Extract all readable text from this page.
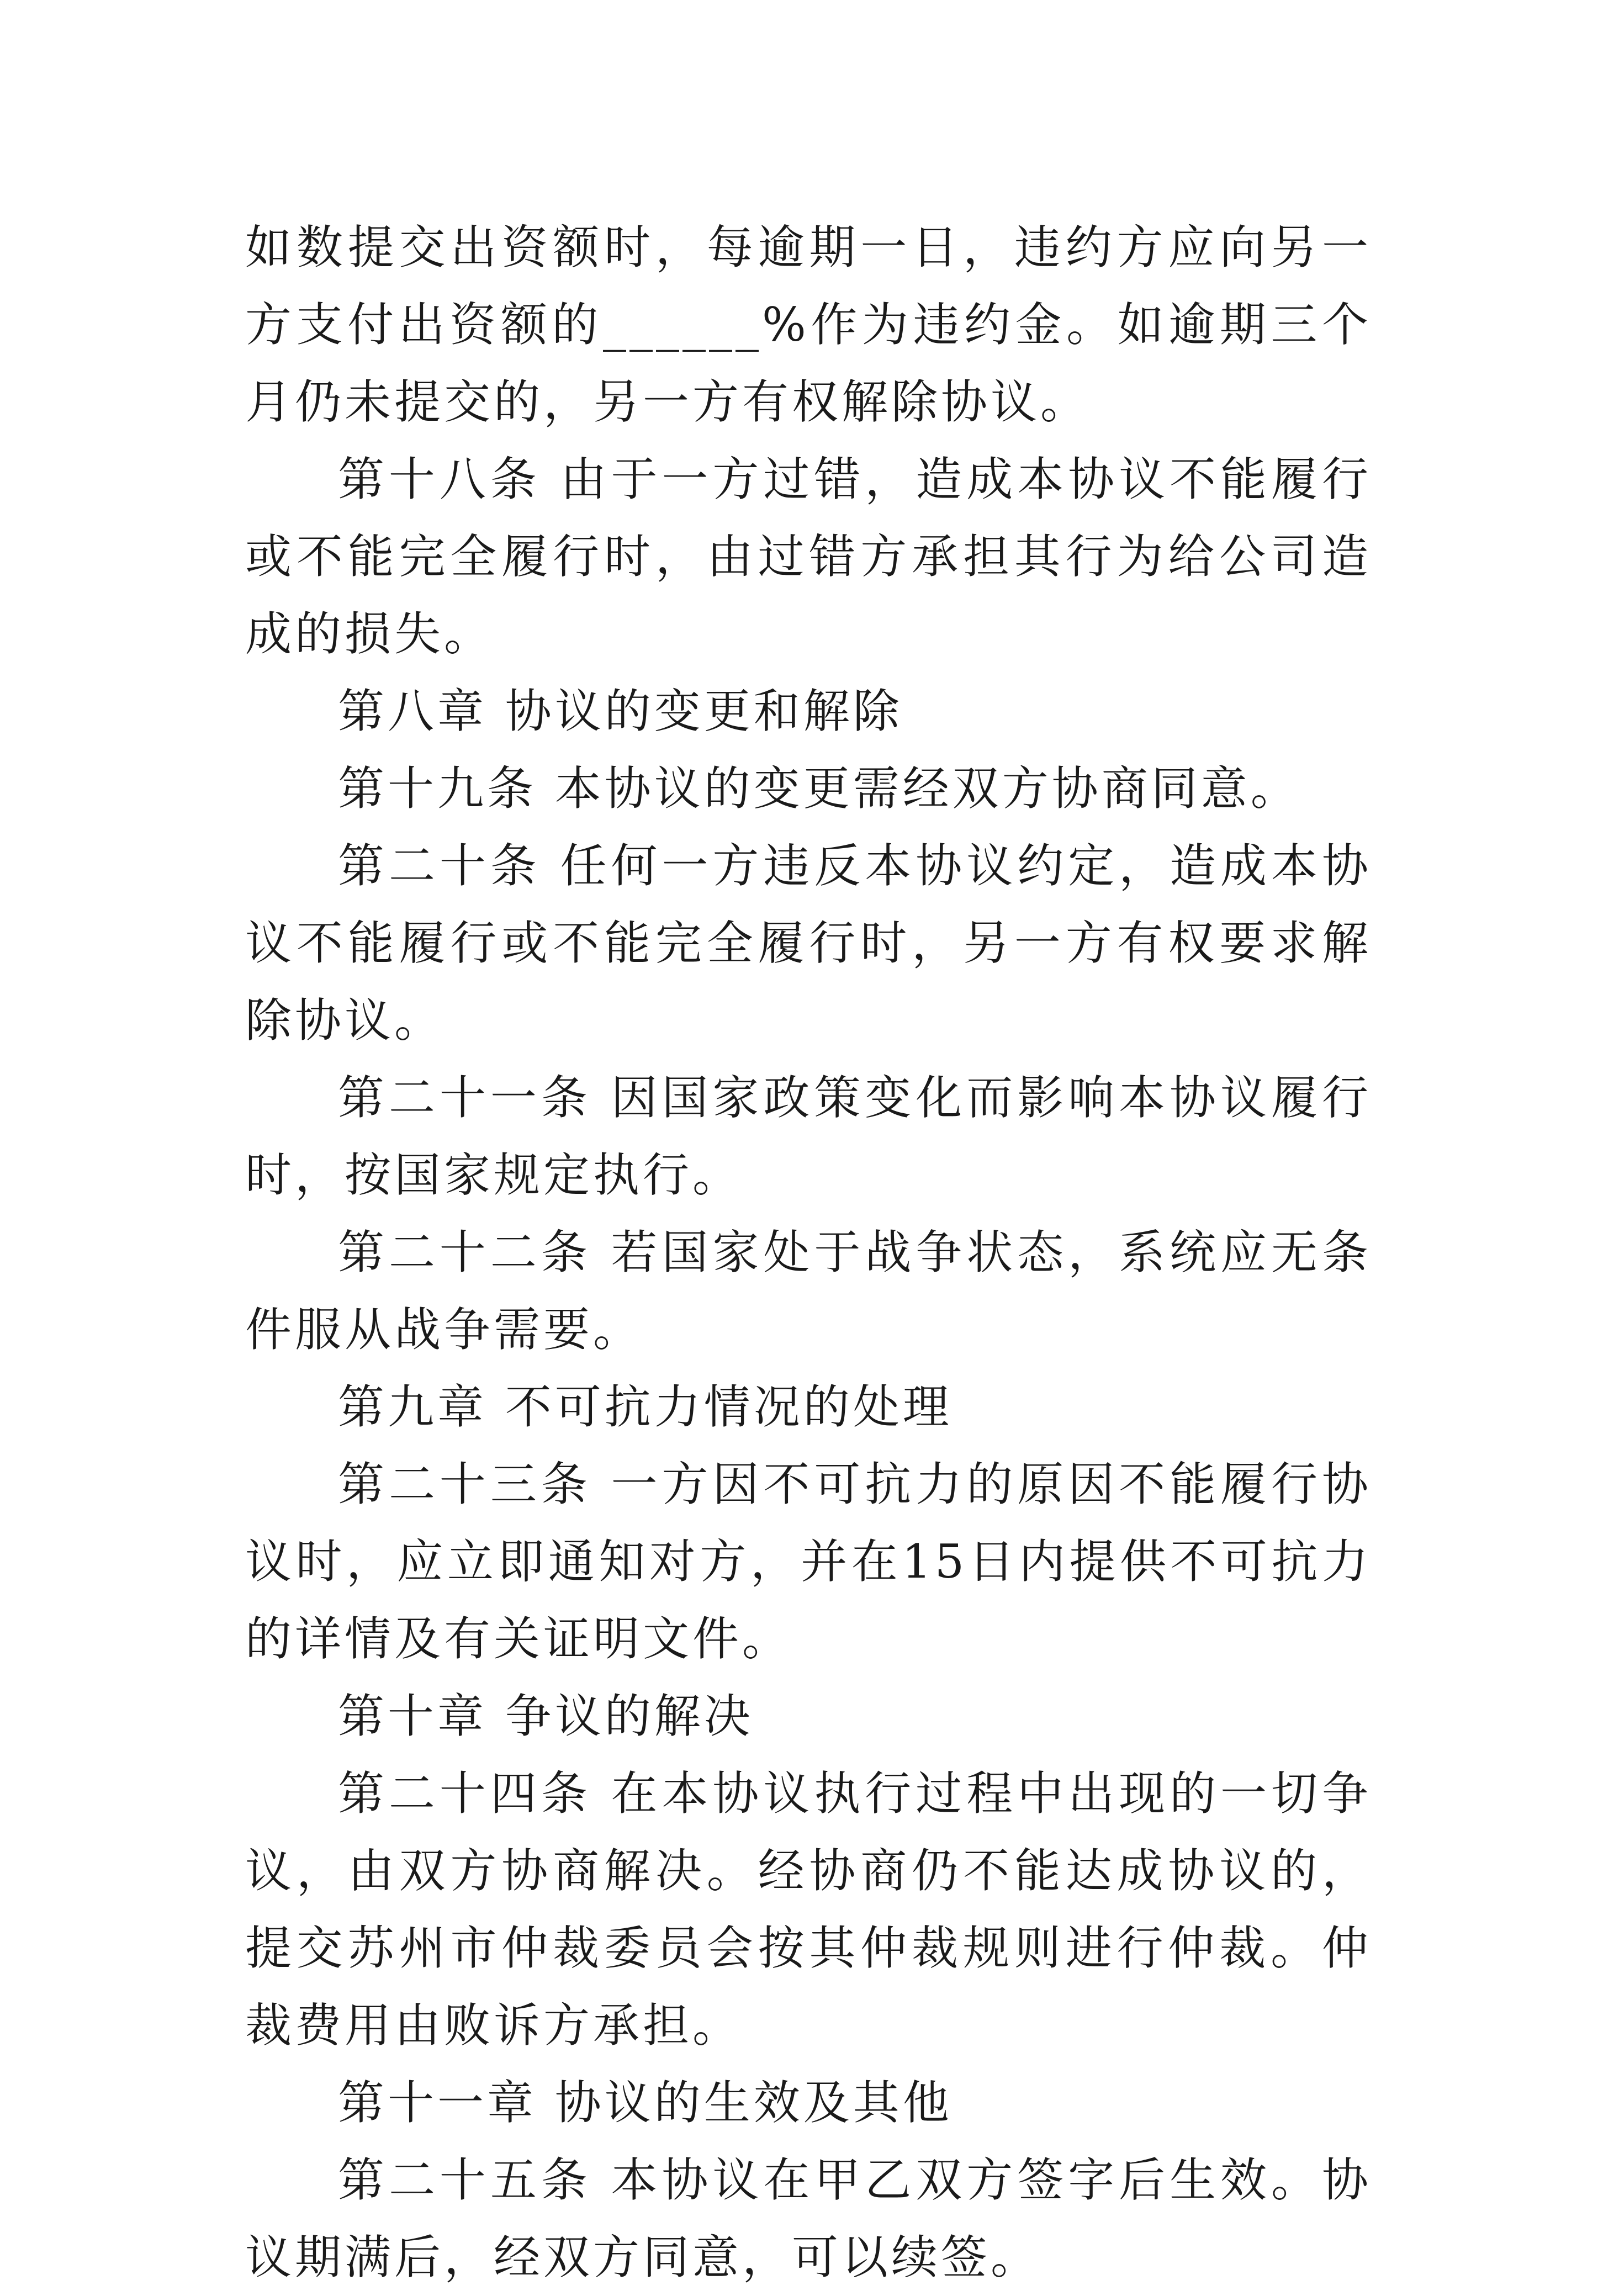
如数提交出资额时，每逾期一日，违约方应向另一方支付出资额的______%作为违约金。如逾期三个月仍未提交的，另一方有权解除协议。

第十八条 由于一方过错，造成本协议不能履行或不能完全履行时，由过错方承担其行为给公司造成的损失。

第八章 协议的变更和解除

第十九条 本协议的变更需经双方协商同意。

第二十条 任何一方违反本协议约定，造成本协议不能履行或不能完全履行时，另一方有权要求解除协议。

第二十一条 因国家政策变化而影响本协议履行时，按国家规定执行。

第二十二条 若国家处于战争状态，系统应无条件服从战争需要。

第九章 不可抗力情况的处理

第二十三条 一方因不可抗力的原因不能履行协议时，应立即通知对方，并在15日内提供不可抗力的详情及有关证明文件。

第十章 争议的解决

第二十四条 在本协议执行过程中出现的一切争议，由双方协商解决。经协商仍不能达成协议的，提交苏州市仲裁委员会按其仲裁规则进行仲裁。仲裁费用由败诉方承担。

第十一章 协议的生效及其他

第二十五条 本协议在甲乙双方签字后生效。协议期满后，经双方同意，可以续签。
